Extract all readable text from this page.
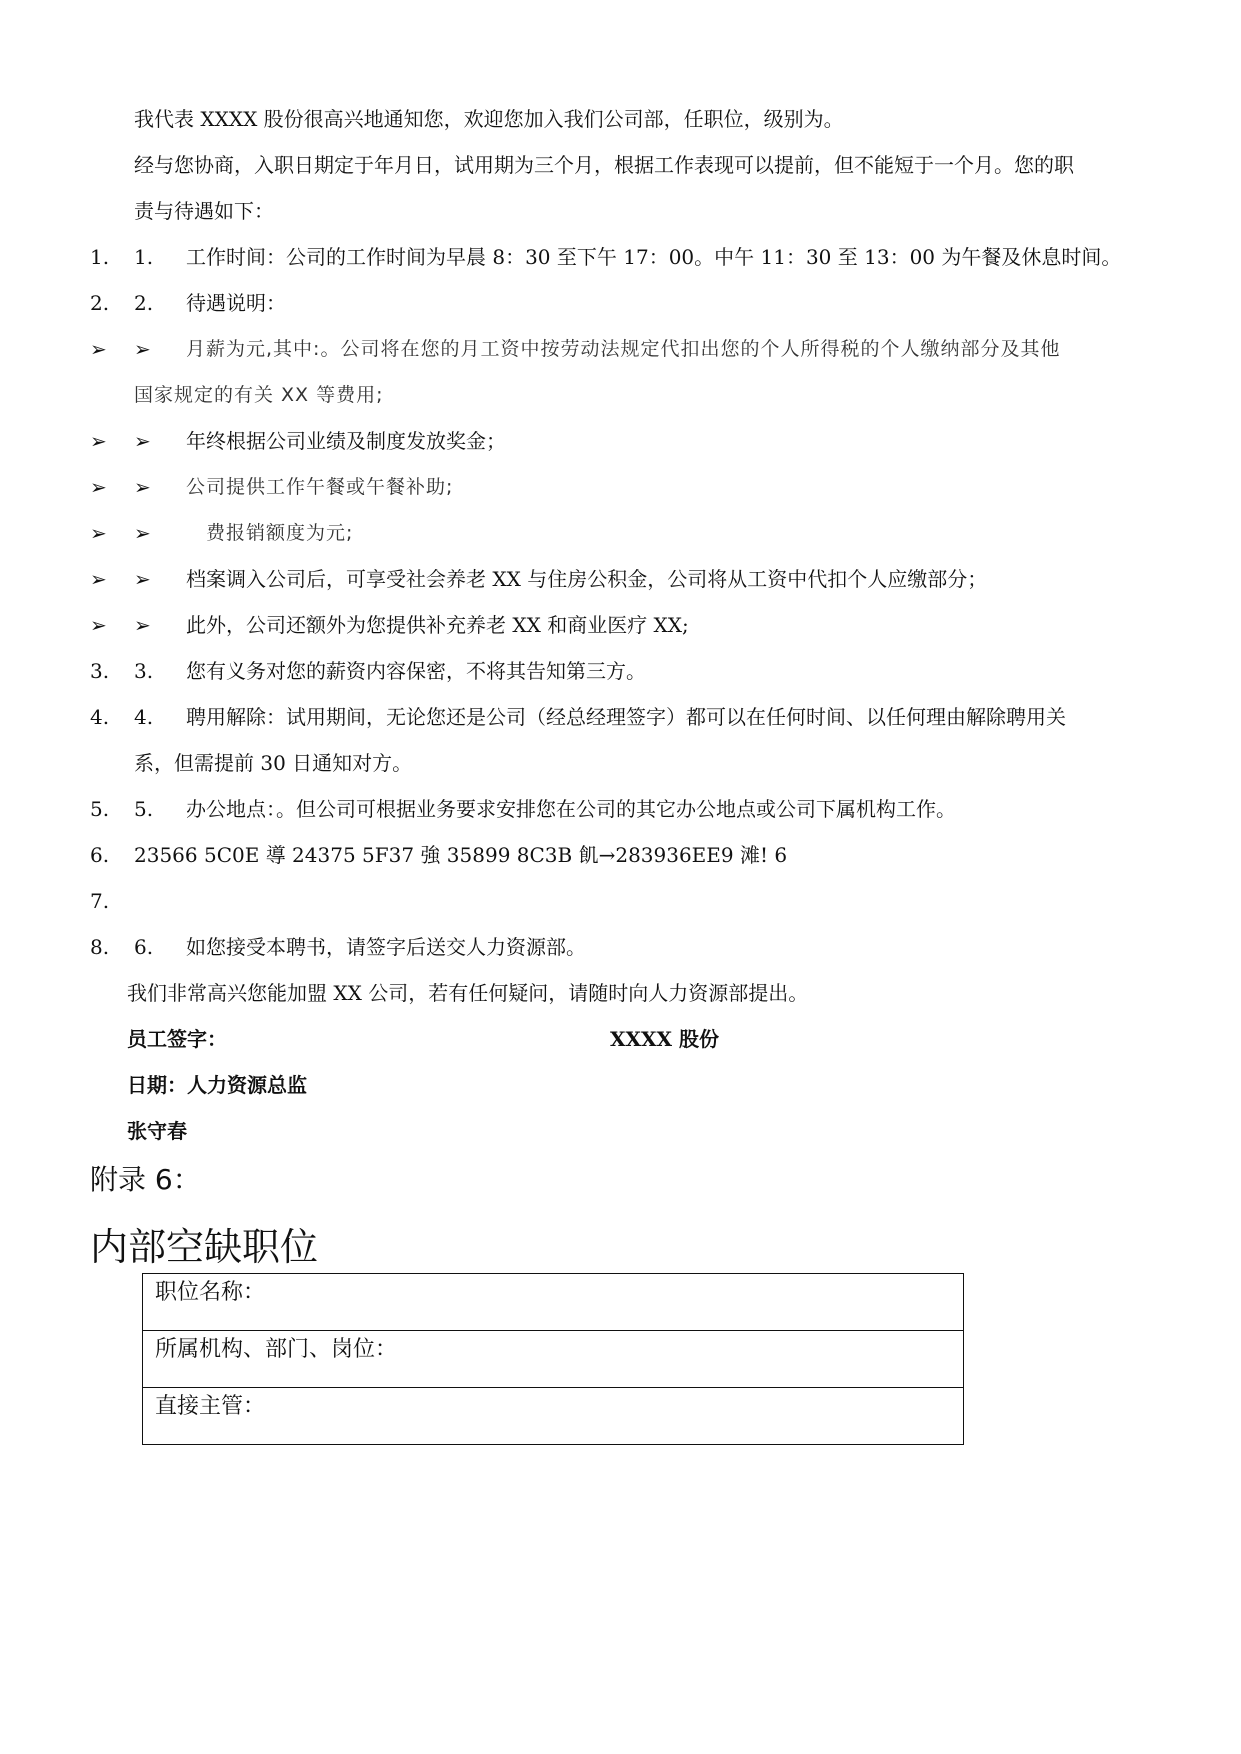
我代表 XXXX 股份很高兴地通知您，欢迎您加入我们公司部，任职位，级别为。
经与您协商，入职日期定于年月日，试用期为三个月，根据工作表现可以提前，但不能短于一个月。您的职
责与待遇如下：
1. 1. 工作时间：公司的工作时间为早晨 8：30 至下午 17：00。中午 11：30 至 13：00 为午餐及休息时间。
2. 2. 待遇说明：
➢ ➢ 月薪为元,其中:。公司将在您的月工资中按劳动法规定代扣出您的个人所得税的个人缴纳部分及其他
国家规定的有关 XX 等费用;
➢ ➢ 年终根据公司业绩及制度发放奖金；
➢ ➢ 公司提供工作午餐或午餐补助;
➢ ➢ 　费报销额度为元;
➢ ➢ 档案调入公司后，可享受社会养老 XX 与住房公积金，公司将从工资中代扣个人应缴部分；
➢ ➢ 此外，公司还额外为您提供补充养老 XX 和商业医疗 XX;
3. 3. 您有义务对您的薪资内容保密，不将其告知第三方。
4. 4. 聘用解除：试用期间，无论您还是公司（经总经理签字）都可以在任何时间、以任何理由解除聘用关
系，但需提前 30 日通知对方。
5. 5. 办公地点：。但公司可根据业务要求安排您在公司的其它办公地点或公司下属机构工作。
6. 23566 5C0E 導 24375 5F37 強 35899 8C3B 飢→283936EE9 滩! 6
7.
8. 6. 如您接受本聘书，请签字后送交人力资源部。
我们非常高兴您能加盟 XX 公司，若有任何疑问，请随时向人力资源部提出。
员工签字：	XXXX 股份
日期：人力资源总监
张守春
附录 6：
内部空缺职位
职位名称：
所属机构、部门、岗位：
直接主管：
